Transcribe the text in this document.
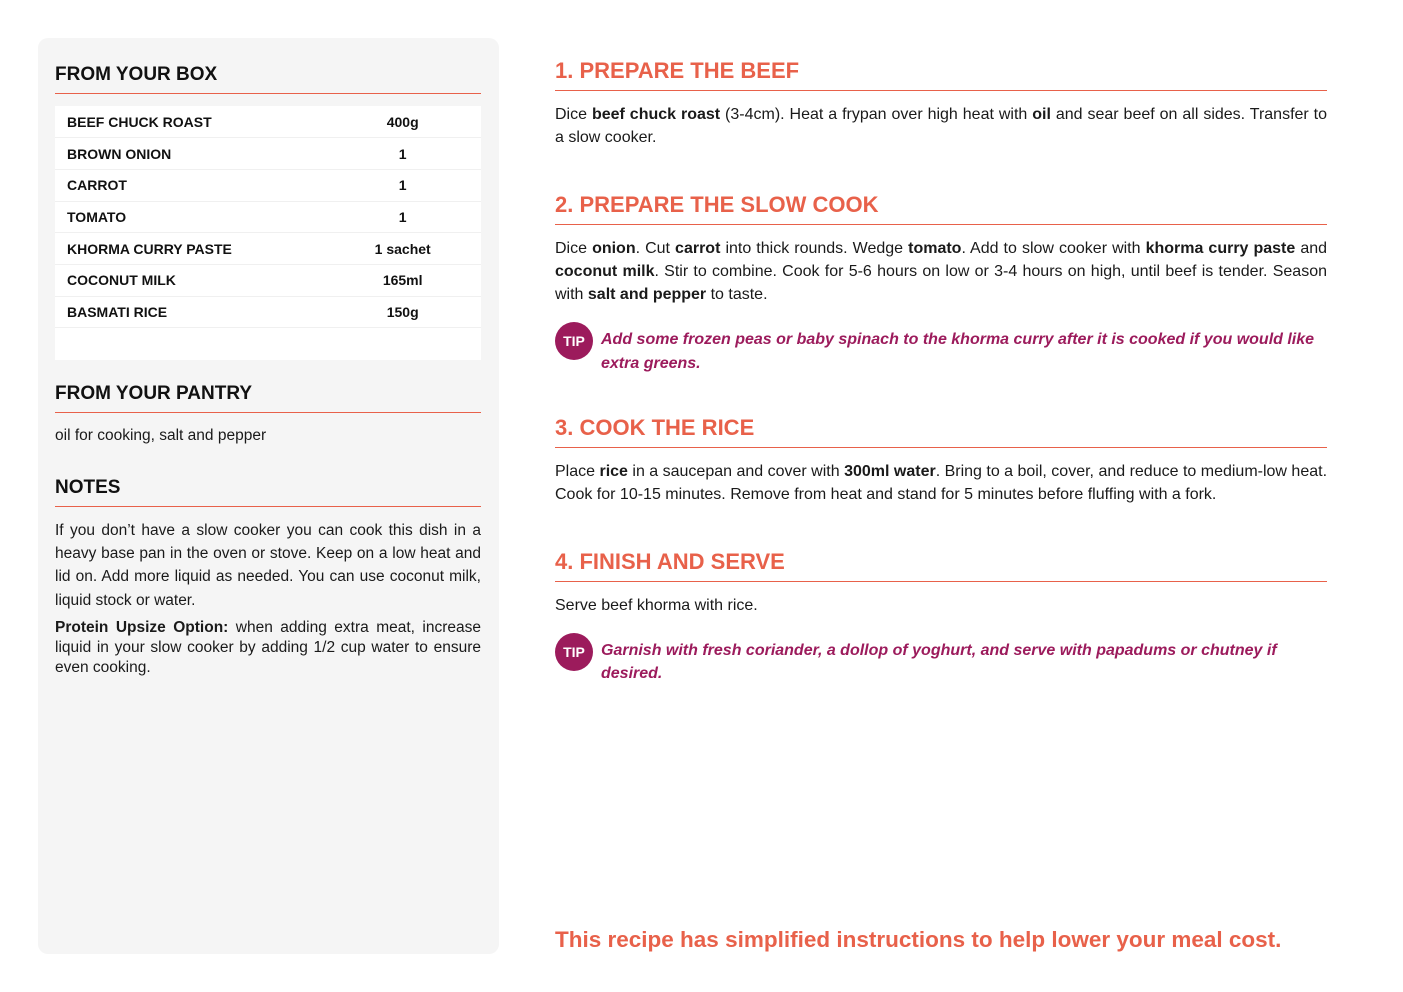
FROM YOUR BOX
BEEF CHUCK ROAST	400g
BROWN ONION	1
CARROT	1
TOMATO	1
KHORMA CURRY PASTE	1 sachet
COCONUT MILK	165ml
BASMATI RICE	150g

FROM YOUR PANTRY
oil for cooking, salt and pepper
NOTES
If you don’t have a slow cooker you can cook this dish in a heavy base pan in the oven or stove. Keep on a low heat and lid on. Add more liquid as needed. You can use coconut milk, liquid stock or water.
Protein Upsize Option: when adding extra meat, increase liquid in your slow cooker by adding 1/2 cup water to ensure even cooking.
1. PREPARE THE BEEF
Dice beef chuck roast (3-4cm). Heat a frypan over high heat with oil and sear beef on all sides. Transfer to a slow cooker.
2. PREPARE THE SLOW COOK
Dice onion. Cut carrot into thick rounds. Wedge tomato. Add to slow cooker with khorma curry paste and coconut milk. Stir to combine. Cook for 5-6 hours on low or 3-4 hours on high, until beef is tender. Season with salt and pepper to taste.
TIP	Add some frozen peas or baby spinach to the khorma curry after it is cooked if you would like extra greens.
3. COOK THE RICE
Place rice in a saucepan and cover with 300ml water. Bring to a boil, cover, and reduce to medium-low heat. Cook for 10-15 minutes. Remove from heat and stand for 5 minutes before fluffing with a fork.
4. FINISH AND SERVE
Serve beef khorma with rice.
TIP	Garnish with fresh coriander, a dollop of yoghurt, and serve with papadums or chutney if desired.
This recipe has simplified instructions to help lower your meal cost.
